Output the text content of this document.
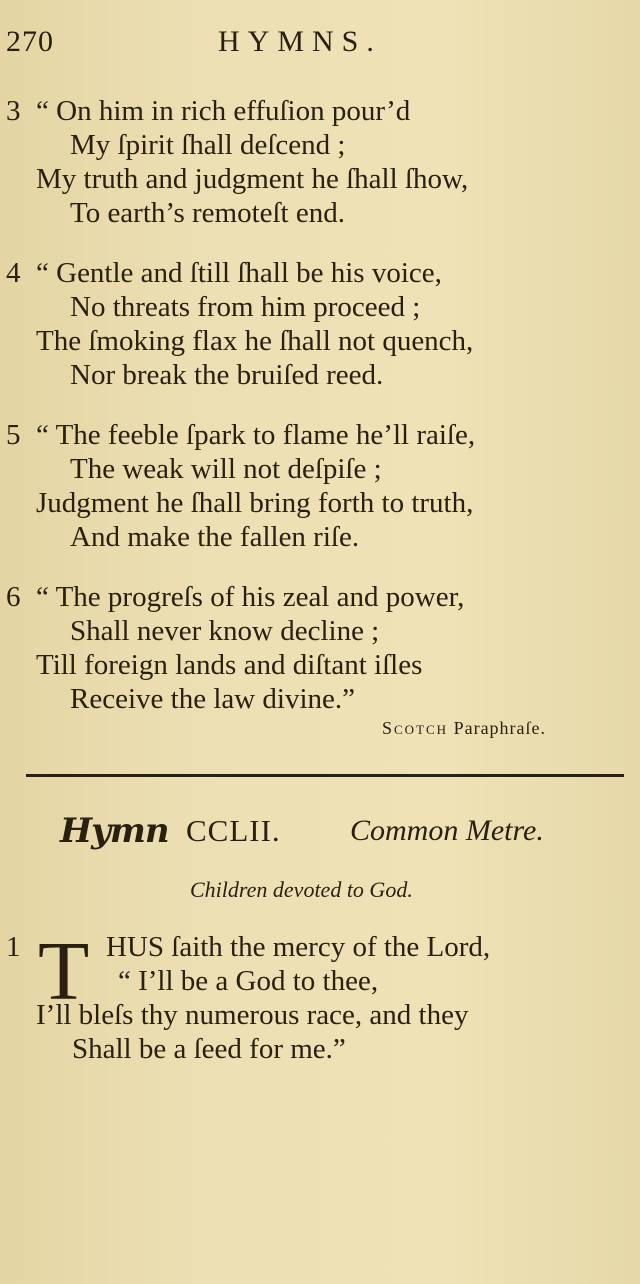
270	HYMNS.
3 “ On him in rich effuſion pour’d
My ſpirit ſhall deſcend ;
My truth and judgment he ſhall ſhow,
To earth’s remoteſt end.
4 “ Gentle and ſtill ſhall be his voice,
No threats from him proceed ;
The ſmoking flax he ſhall not quench,
Nor break the bruiſed reed.
5 “ The feeble ſpark to flame he’ll raiſe,
The weak will not deſpiſe ;
Judgment he ſhall bring forth to truth,
And make the fallen riſe.
6 “ The progreſs of his zeal and power,
Shall never know decline ;
Till foreign lands and diſtant iſles
Receive the law divine.”
Scotch Paraphraſe.
Hymn CCLII. Common Metre.
Children devoted to God.
1 T HUS ſaith the mercy of the Lord,
“ I’ll be a God to thee,
I’ll bleſs thy numerous race, and they
Shall be a ſeed for me.”
